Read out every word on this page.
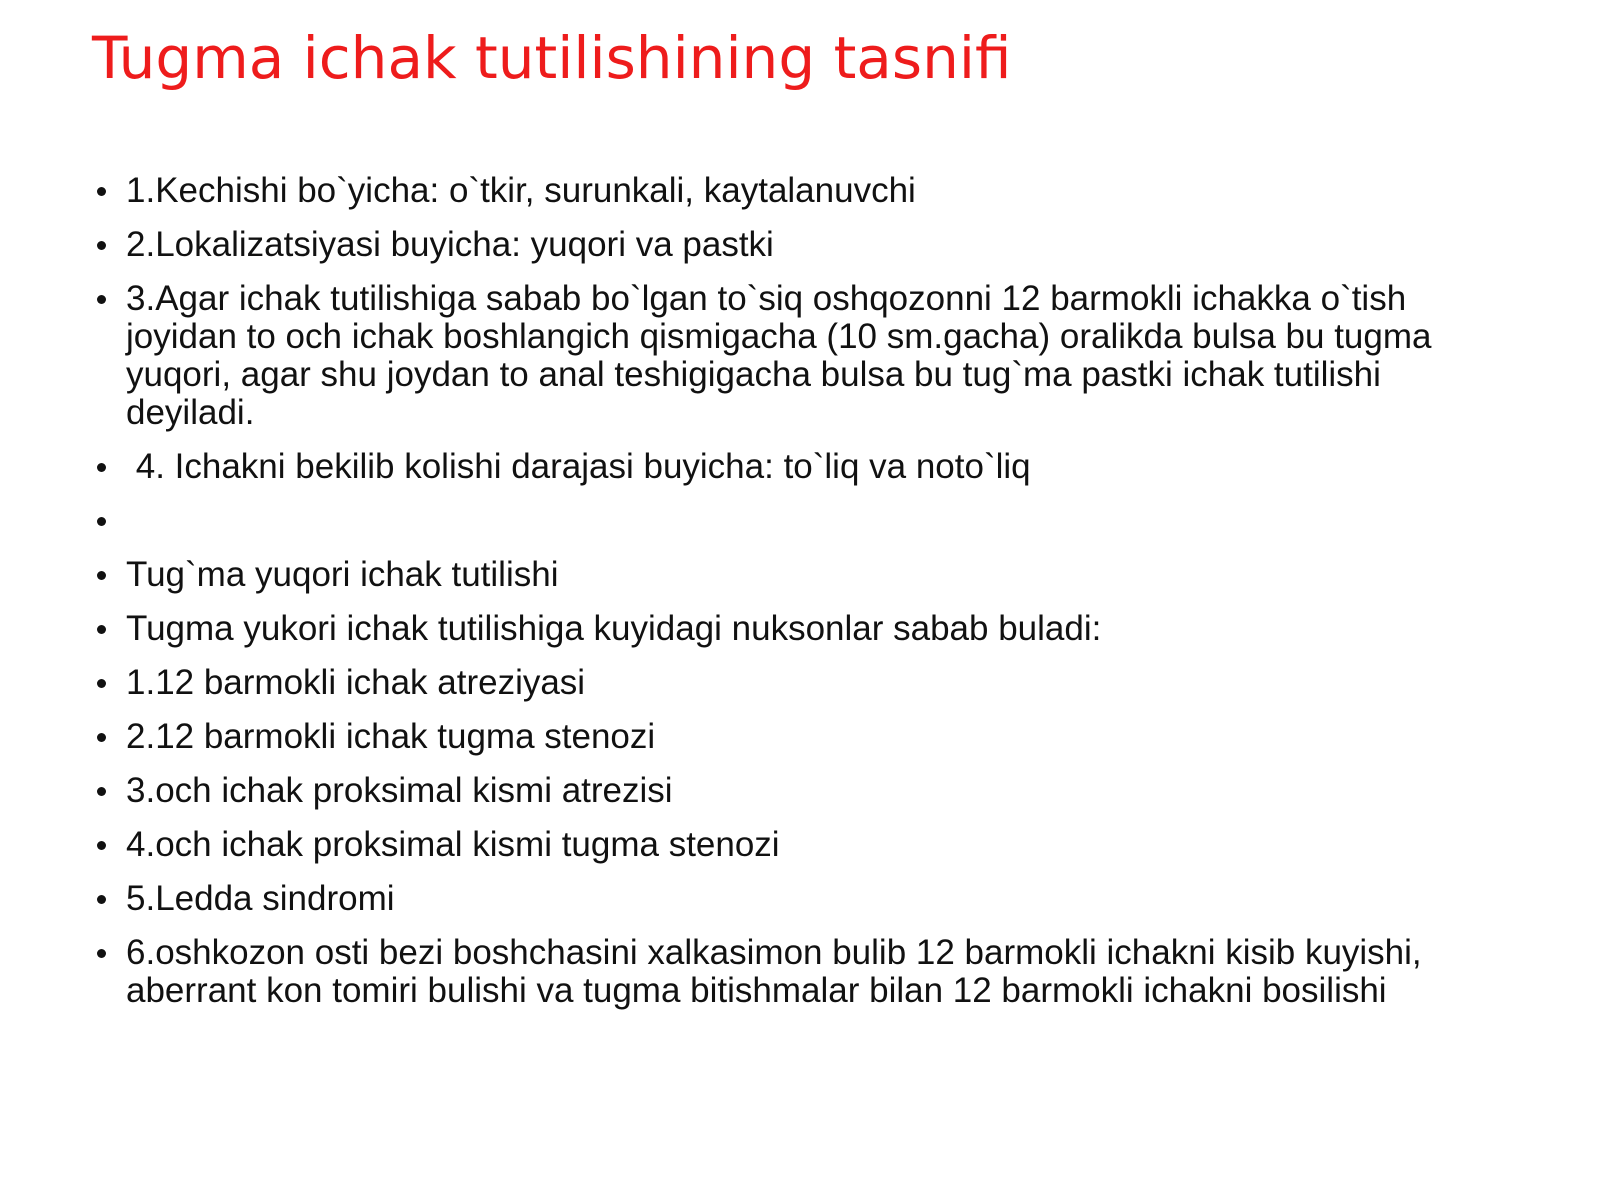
Tugma ichak tutilishining tasnifi
1.Kechishi bo`yicha: o`tkir, surunkali, kaytalanuvchi
2.Lokalizatsiyasi buyicha: yuqori va pastki
3.Agar ichak tutilishiga sabab bo`lgan to`siq oshqozonni 12 barmokli ichakka o`tish joyidan to och ichak boshlangich qismigacha (10 sm.gacha) oralikda bulsa bu tugma yuqori, agar shu joydan to anal teshigigacha bulsa bu tug`ma pastki ichak tutilishi deyiladi.
4. Ichakni bekilib kolishi darajasi buyicha: to`liq va noto`liq
Tug`ma yuqori ichak tutilishi
Tugma yukori ichak tutilishiga kuyidagi nuksonlar sabab buladi:
1.12 barmokli ichak atreziyasi
2.12 barmokli ichak tugma stenozi
3.och ichak proksimal kismi atrezisi
4.och ichak proksimal kismi tugma stenozi
5.Ledda sindromi
6.oshkozon osti bezi boshchasini xalkasimon bulib 12 barmokli ichakni kisib kuyishi, aberrant kon tomiri bulishi va tugma bitishmalar bilan 12 barmokli ichakni bosilishi
